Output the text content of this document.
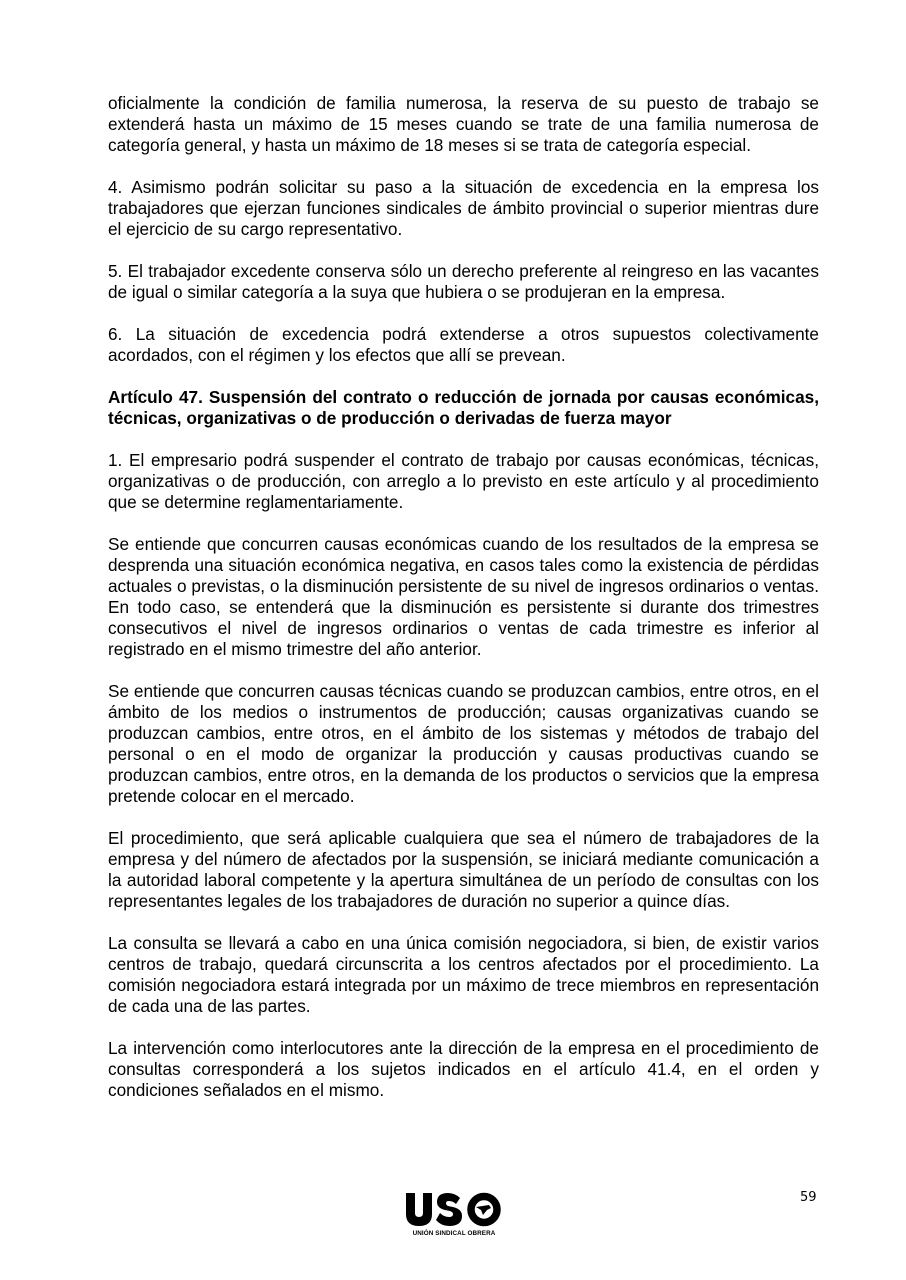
oficialmente la condición de familia numerosa, la reserva de su puesto de trabajo se extenderá hasta un máximo de 15 meses cuando se trate de una familia numerosa de categoría general, y hasta un máximo de 18 meses si se trata de categoría especial.

4. Asimismo podrán solicitar su paso a la situación de excedencia en la empresa los trabajadores que ejerzan funciones sindicales de ámbito provincial o superior mientras dure el ejercicio de su cargo representativo.

5. El trabajador excedente conserva sólo un derecho preferente al reingreso en las vacantes de igual o similar categoría a la suya que hubiera o se produjeran en la empresa.

6. La situación de excedencia podrá extenderse a otros supuestos colectivamente acordados, con el régimen y los efectos que allí se prevean.

Artículo 47. Suspensión del contrato o reducción de jornada por causas económicas, técnicas, organizativas o de producción o derivadas de fuerza mayor

1. El empresario podrá suspender el contrato de trabajo por causas económicas, técnicas, organizativas o de producción, con arreglo a lo previsto en este artículo y al procedimiento que se determine reglamentariamente.

Se entiende que concurren causas económicas cuando de los resultados de la empresa se desprenda una situación económica negativa, en casos tales como la existencia de pérdidas actuales o previstas, o la disminución persistente de su nivel de ingresos ordinarios o ventas. En todo caso, se entenderá que la disminución es persistente si durante dos trimestres consecutivos el nivel de ingresos ordinarios o ventas de cada trimestre es inferior al registrado en el mismo trimestre del año anterior.

Se entiende que concurren causas técnicas cuando se produzcan cambios, entre otros, en el ámbito de los medios o instrumentos de producción; causas organizativas cuando se produzcan cambios, entre otros, en el ámbito de los sistemas y métodos de trabajo del personal o en el modo de organizar la producción y causas productivas cuando se produzcan cambios, entre otros, en la demanda de los productos o servicios que la empresa pretende colocar en el mercado.

El procedimiento, que será aplicable cualquiera que sea el número de trabajadores de la empresa y del número de afectados por la suspensión, se iniciará mediante comunicación a la autoridad laboral competente y la apertura simultánea de un período de consultas con los representantes legales de los trabajadores de duración no superior a quince días.

La consulta se llevará a cabo en una única comisión negociadora, si bien, de existir varios centros de trabajo, quedará circunscrita a los centros afectados por el procedimiento. La comisión negociadora estará integrada por un máximo de trece miembros en representación de cada una de las partes.

La intervención como interlocutores ante la dirección de la empresa en el procedimiento de consultas corresponderá a los sujetos indicados en el artículo 41.4, en el orden y condiciones señalados en el mismo.

UNIÓN SINDICAL OBRERA
59
